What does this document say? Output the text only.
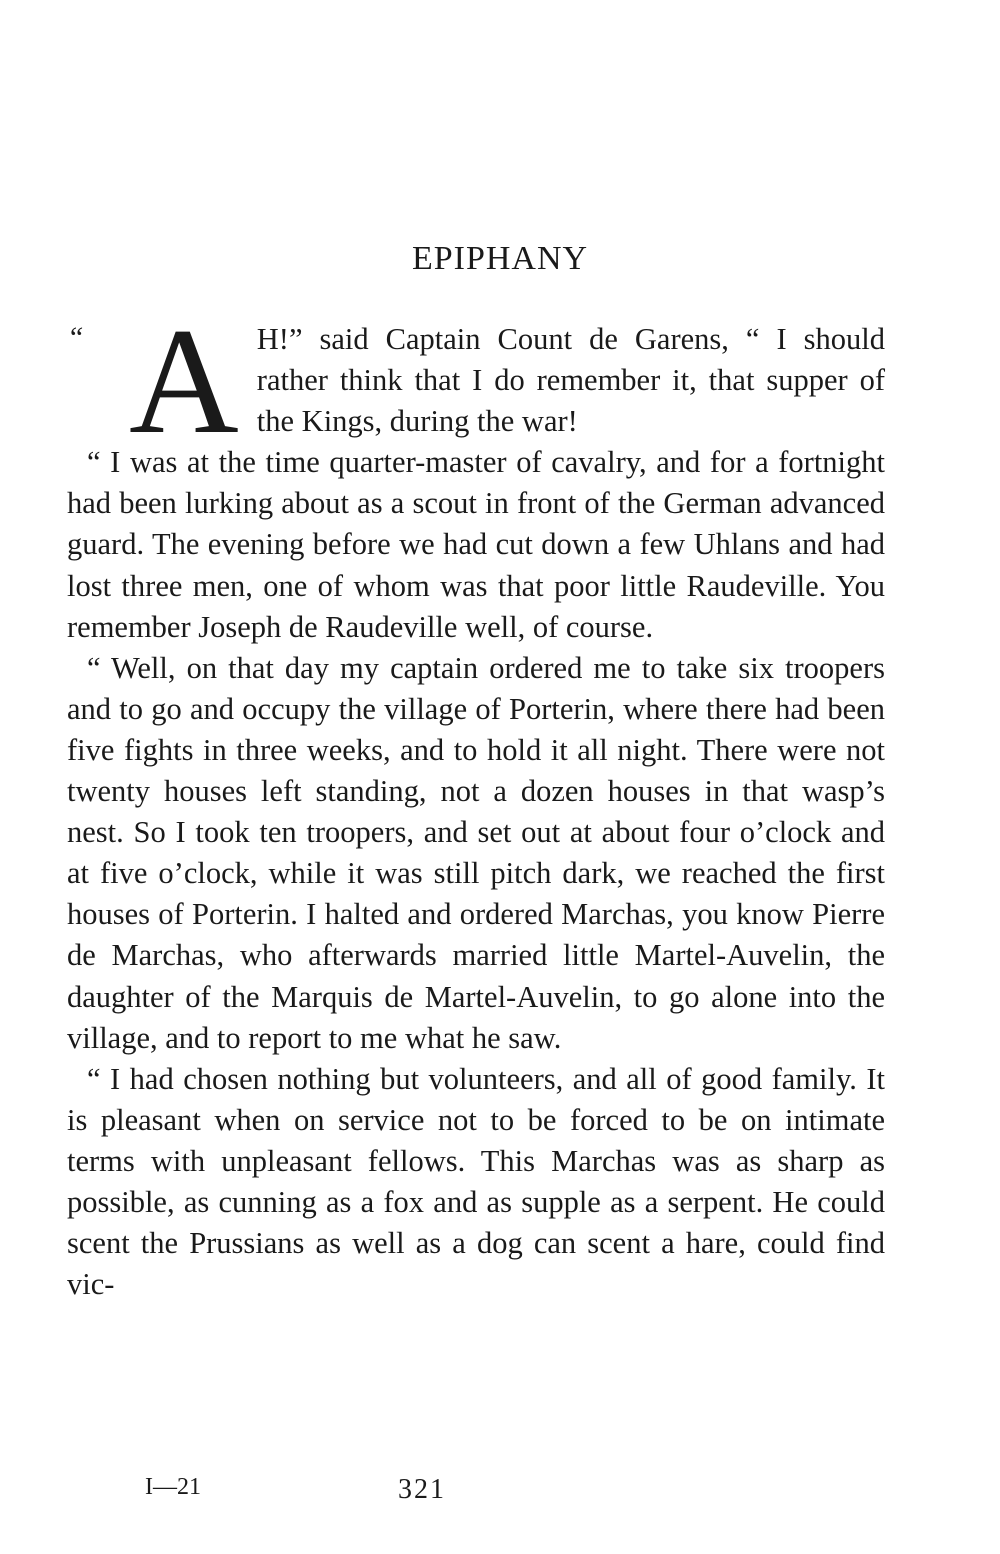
EPIPHANY

“ A H!” said Captain Count de Garens, “ I should rather think that I do remember it, that supper of the Kings, during the war!

“ I was at the time quarter-master of cavalry, and for a fortnight had been lurking about as a scout in front of the German advanced guard. The evening before we had cut down a few Uhlans and had lost three men, one of whom was that poor little Raudeville. You remember Joseph de Raudeville well, of course.

“ Well, on that day my captain ordered me to take six troopers and to go and occupy the village of Porterin, where there had been five fights in three weeks, and to hold it all night. There were not twenty houses left standing, not a dozen houses in that wasp’s nest. So I took ten troopers, and set out at about four o’clock and at five o’clock, while it was still pitch dark, we reached the first houses of Porterin. I halted and ordered Marchas, you know Pierre de Marchas, who afterwards married little Martel-Auvelin, the daughter of the Marquis de Martel-Auvelin, to go alone into the village, and to report to me what he saw.

“ I had chosen nothing but volunteers, and all of good family. It is pleasant when on service not to be forced to be on intimate terms with unpleasant fellows. This Marchas was as sharp as possible, as cunning as a fox and as supple as a serpent. He could scent the Prussians as well as a dog can scent a hare, could find vic-

I—21	321
